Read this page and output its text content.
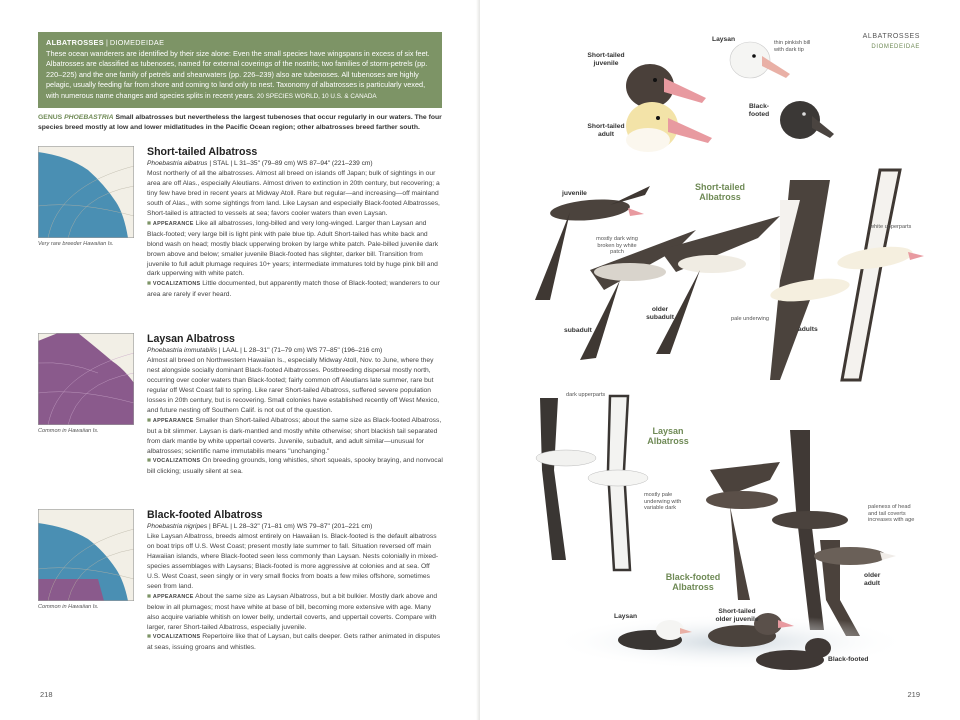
ALBATROSSES | DIOMEDEIDAE
These ocean wanderers are identified by their size alone: Even the small species have wingspans in excess of six feet. Albatrosses are classified as tubenoses, named for external coverings of the nostrils; two families of storm-petrels (pp. 220–225) and the one family of petrels and shearwaters (pp. 226–239) also are tubenoses. All tubenoses are highly pelagic, usually feeding far from shore and coming to land only to nest. Taxonomy of albatrosses is particularly vexed, with numerous name changes and species splits in recent years. 20 SPECIES WORLD, 10 U.S. & CANADA
GENUS PHOEBASTRIA Small albatrosses but nevertheless the largest tubenoses that occur regularly in our waters. The four species breed mostly at low and lower midlatitudes in the Pacific Ocean region; other albatrosses breed farther south.
Very rare breeder Hawaiian Is.
Short-tailed Albatross
Phoebastria albatrus | STAL | L 31–35" (79–89 cm) WS 87–94" (221–239 cm)
Most northerly of all the albatrosses. Almost all breed on islands off Japan; bulk of sightings in our area are off Alas., especially Aleutians. Almost driven to extinction in 20th century, but recovering; a tiny few have bred in recent years at Midway Atoll. Rare but regular—and increasing—off mainland south of Alas., with some sightings from land. Like Laysan and especially Black-footed Albatrosses, Short-tailed is attracted to vessels at sea; favors cooler waters than even Laysan.
■ APPEARANCE Like all albatrosses, long-billed and very long-winged. Larger than Laysan and Black-footed; very large bill is light pink with pale blue tip. Adult Short-tailed has white back and blond wash on head; mostly black upperwing broken by large white patch. Pale-billed juvenile dark brown above and below; smaller juvenile Black-footed has slighter, darker bill. Transition from juvenile to full adult plumage requires 10+ years; intermediate immatures told by huge pink bill and dark upperwing with white patch.
■ VOCALIZATIONS Little documented, but apparently match those of Black-footed; wanderers to our area are rarely if ever heard.
Common in Hawaiian Is.
Laysan Albatross
Phoebastria immutabilis | LAAL | L 28–31" (71–79 cm) WS 77–85" (196–216 cm)
Almost all breed on Northwestern Hawaiian Is., especially Midway Atoll, Nov. to June, where they nest alongside socially dominant Black-footed Albatrosses. Postbreeding dispersal mostly north, occurring over cooler waters than Black-footed; fairly common off Aleutians late summer, rare but regular off West Coast fall to spring. Like rarer Short-tailed Albatross, suffered severe population losses in 20th century, but is recovering. Small colonies have established recently off West Mexico, and future nesting off Southern Calif. is not out of the question.
■ APPEARANCE Smaller than Short-tailed Albatross; about the same size as Black-footed Albatross, but a bit slimmer. Laysan is dark-mantled and mostly white otherwise; short blackish tail separated from dark mantle by white uppertail coverts. Juvenile, subadult, and adult similar—unusual for albatrosses; scientific name immutabilis means "unchanging."
■ VOCALIZATIONS On breeding grounds, long whistles, short squeals, spooky braying, and nonvocal bill clicking; usually silent at sea.
Common in Hawaiian Is.
Black-footed Albatross
Phoebastria nigripes | BFAL | L 28–32" (71–81 cm) WS 79–87" (201–221 cm)
Like Laysan Albatross, breeds almost entirely on Hawaiian Is. Black-footed is the default albatross on boat trips off U.S. West Coast; present mostly late summer to fall. Situation reversed off main Hawaiian islands, where Black-footed seen less commonly than Laysan. Nests colonially in mixed-species assemblages with Laysans; Black-footed is more aggressive at colonies and at sea. Off U.S. West Coast, seen singly or in very small flocks from boats a few miles offshore, sometimes seen from land.
■ APPEARANCE About the same size as Laysan Albatross, but a bit bulkier. Mostly dark above and below in all plumages; most have white at base of bill, becoming more extensive with age. Many also acquire variable whitish on lower belly, undertail coverts, and uppertail coverts. Compare with larger, rarer Short-tailed Albatross, especially juvenile.
■ VOCALIZATIONS Repertoire like that of Laysan, but calls deeper. Gets rather animated in disputes at seas, issuing groans and whistles.
218
ALBATROSSES
DIOMEDEIDAE
Short-tailed juvenile
Short-tailed adult
Laysan	thin pinkish bill with dark tip
Black-footed
Short-tailed Albatross
juvenile
mostly dark wing broken by white patch
white upperparts
older subadult	pale underwing
subadult	adults
dark upperparts
Laysan Albatross
mostly pale underwing with variable dark	paleness of head and tail coverts increases with age
older adult
Black-footed Albatross
Laysan
Short-tailed older juvenile
Black-footed
219
